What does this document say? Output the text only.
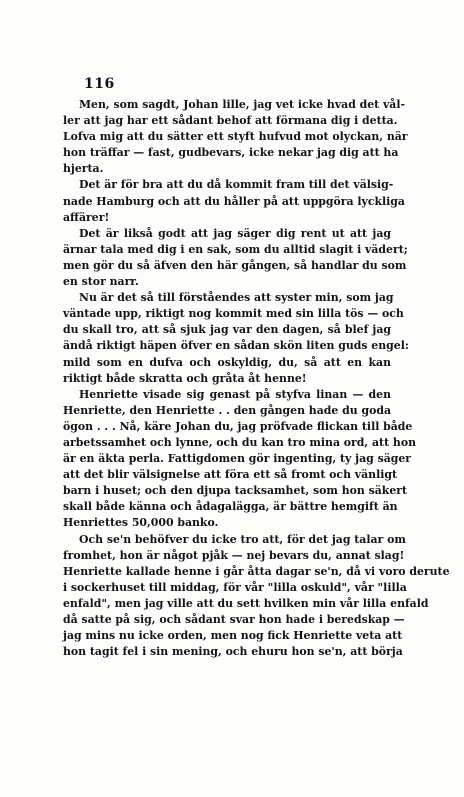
116
Men, som sagdt, Johan lille, jag vet icke hvad det vål-
ler att jag har ett sådant behof att förmana dig i detta.
Lofva mig att du sätter ett styft hufvud mot olyckan, när
hon träffar — fast, gudbevars, icke nekar jag dig att ha
hjerta.
Det är för bra att du då kommit fram till det välsig-
nade Hamburg och att du håller på att uppgöra lyckliga
affärer!
Det är likså godt att jag säger dig rent ut att jag
ärnar tala med dig i en sak, som du alltid slagit i vädert;
men gör du så äfven den här gången, så handlar du som
en stor narr.
Nu är det så till förståendes att syster min, som jag
väntade upp, riktigt nog kommit med sin lilla tös — och
du skall tro, att så sjuk jag var den dagen, så blef jag
ändå riktigt häpen öfver en sådan skön liten guds engel:
mild som en dufva och oskyldig, du, så att en kan
riktigt både skratta och gråta åt henne!
Henriette visade sig genast på styfva linan — den
Henriette, den Henriette . . den gången hade du goda
ögon . . . Nå, käre Johan du, jag pröfvade flickan till både
arbetssamhet och lynne, och du kan tro mina ord, att hon
är en äkta perla. Fattigdomen gör ingenting, ty jag säger
att det blir välsignelse att föra ett så fromt och vänligt
barn i huset; och den djupa tacksamhet, som hon säkert
skall både känna och ådagalägga, är bättre hemgift än
Henriettes 50,000 banko.
Och se'n behöfver du icke tro att, för det jag talar om
fromhet, hon är något pjåk — nej bevars du, annat slag!
Henriette kallade henne i går åtta dagar se'n, då vi voro derute
i sockerhuset till middag, för vår "lilla oskuld", vår "lilla
enfald", men jag ville att du sett hvilken min vår lilla enfald
då satte på sig, och sådant svar hon hade i beredskap —
jag mins nu icke orden, men nog fick Henriette veta att
hon tagit fel i sin mening, och ehuru hon se'n, att börja
